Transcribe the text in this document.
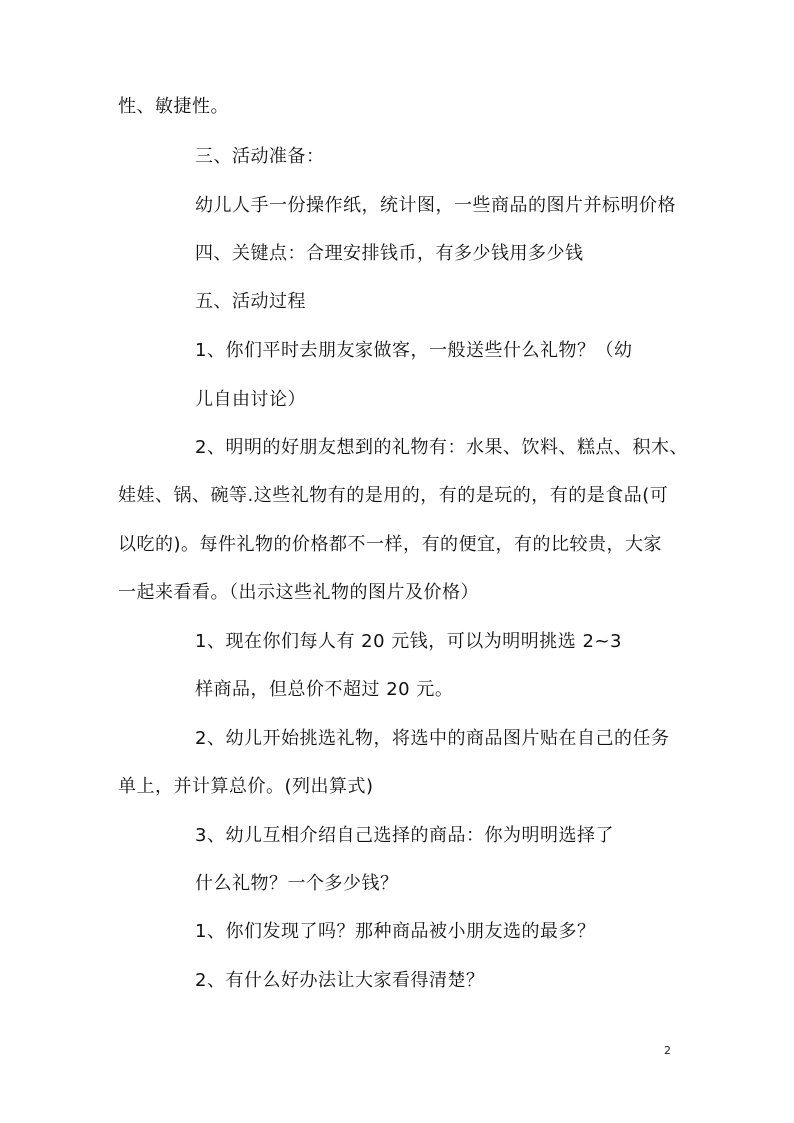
性、敏捷性。
三、活动准备：
幼儿人手一份操作纸，统计图，一些商品的图片并标明价格
四、关键点：合理安排钱币，有多少钱用多少钱
五、活动过程
1、你们平时去朋友家做客，一般送些什么礼物？（幼
儿自由讨论）
2、明明的好朋友想到的礼物有：水果、饮料、糕点、积木、
娃娃、锅、碗等.这些礼物有的是用的，有的是玩的，有的是食品(可
以吃的)。每件礼物的价格都不一样，有的便宜，有的比较贵，大家
一起来看看。（出示这些礼物的图片及价格）
1、现在你们每人有 20 元钱，可以为明明挑选 2~3
样商品，但总价不超过 20 元。
2、幼儿开始挑选礼物，将选中的商品图片贴在自己的任务
单上，并计算总价。(列出算式)
3、幼儿互相介绍自己选择的商品：你为明明选择了
什么礼物？一个多少钱？
1、你们发现了吗？那种商品被小朋友选的最多？
2、有什么好办法让大家看得清楚？
2
